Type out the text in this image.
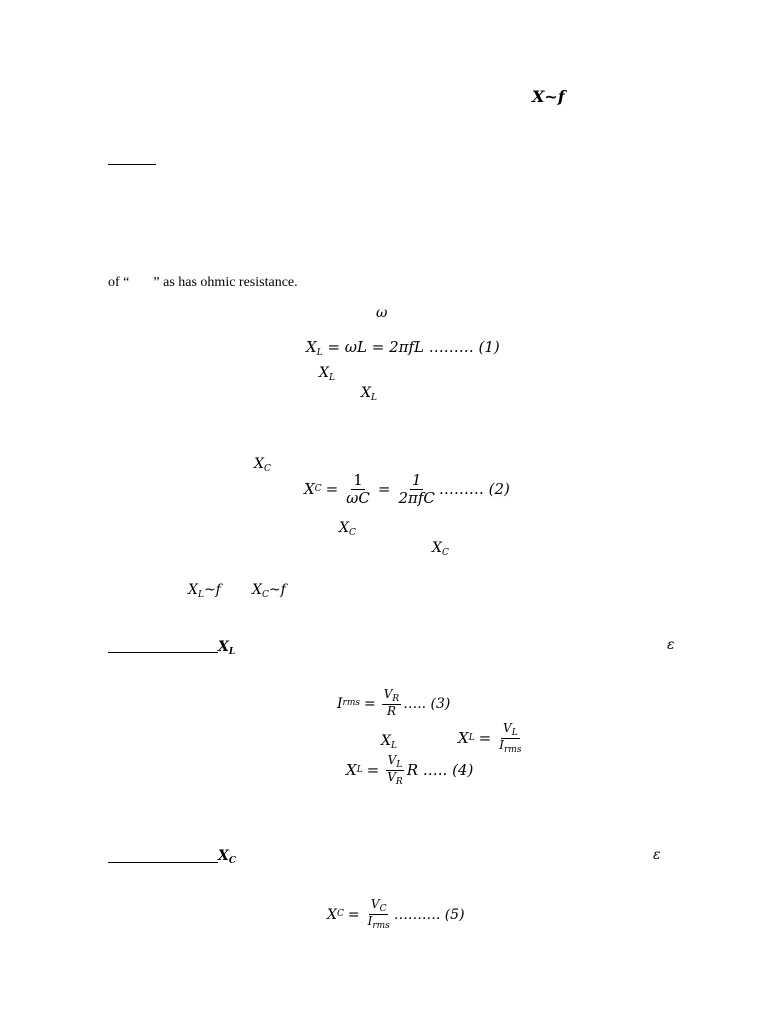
X~f
of “ ” as has ohmic resistance.
ω
$X_L = \omega L = 2\pi fL$ ……… (1)
$X_L$
$X_L$
$X_C$
X $C = \frac{1}{\omega C} = \frac{1}{\text{2πfC}}$ ……… (2)
$X_C$
$X_C$
$X_L\sim f$ $X_C\sim f$
$X_L$	ε
I rms = $\frac{V_R}{R}$ ….. (3)
$X_L$	X $L = \frac{V_L}{I_{rms}}$
X $L = \frac{V_L}{V_R}$ R ….. (4)
$X_C$	ε
X $C = \frac{V_C}{I_{rms}}$ ………. (5)
